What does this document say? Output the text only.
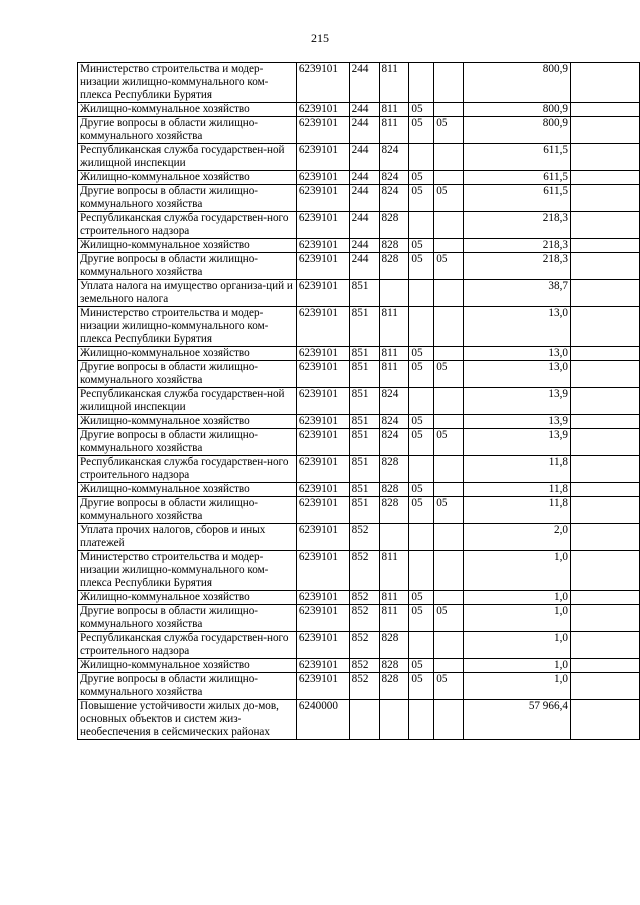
215
Министерство строительства и модер-низации жилищно-коммунального ком-плекса Республики Бурятия	6239101	244	811			800,9	
Жилищно-коммунальное хозяйство	6239101	244	811	05		800,9	
Другие вопросы в области жилищно-коммунального хозяйства	6239101	244	811	05	05	800,9	
Республиканская служба государствен-ной жилищной инспекции	6239101	244	824			611,5	
Жилищно-коммунальное хозяйство	6239101	244	824	05		611,5	
Другие вопросы в области жилищно-коммунального хозяйства	6239101	244	824	05	05	611,5	
Республиканская служба государствен-ного строительного надзора	6239101	244	828			218,3	
Жилищно-коммунальное хозяйство	6239101	244	828	05		218,3	
Другие вопросы в области жилищно-коммунального хозяйства	6239101	244	828	05	05	218,3	
Уплата налога на имущество организа-ций и земельного налога	6239101	851				38,7	
Министерство строительства и модер-низации жилищно-коммунального ком-плекса Республики Бурятия	6239101	851	811			13,0	
Жилищно-коммунальное хозяйство	6239101	851	811	05		13,0	
Другие вопросы в области жилищно-коммунального хозяйства	6239101	851	811	05	05	13,0	
Республиканская служба государствен-ной жилищной инспекции	6239101	851	824			13,9	
Жилищно-коммунальное хозяйство	6239101	851	824	05		13,9	
Другие вопросы в области жилищно-коммунального хозяйства	6239101	851	824	05	05	13,9	
Республиканская служба государствен-ного строительного надзора	6239101	851	828			11,8	
Жилищно-коммунальное хозяйство	6239101	851	828	05		11,8	
Другие вопросы в области жилищно-коммунального хозяйства	6239101	851	828	05	05	11,8	
Уплата прочих налогов, сборов и иных платежей	6239101	852				2,0	
Министерство строительства и модер-низации жилищно-коммунального ком-плекса Республики Бурятия	6239101	852	811			1,0	
Жилищно-коммунальное хозяйство	6239101	852	811	05		1,0	
Другие вопросы в области жилищно-коммунального хозяйства	6239101	852	811	05	05	1,0	
Республиканская служба государствен-ного строительного надзора	6239101	852	828			1,0	
Жилищно-коммунальное хозяйство	6239101	852	828	05		1,0	
Другие вопросы в области жилищно-коммунального хозяйства	6239101	852	828	05	05	1,0	
Повышение устойчивости жилых до-мов, основных объектов и систем жиз-необеспечения в сейсмических районах	6240000					57 966,4	
